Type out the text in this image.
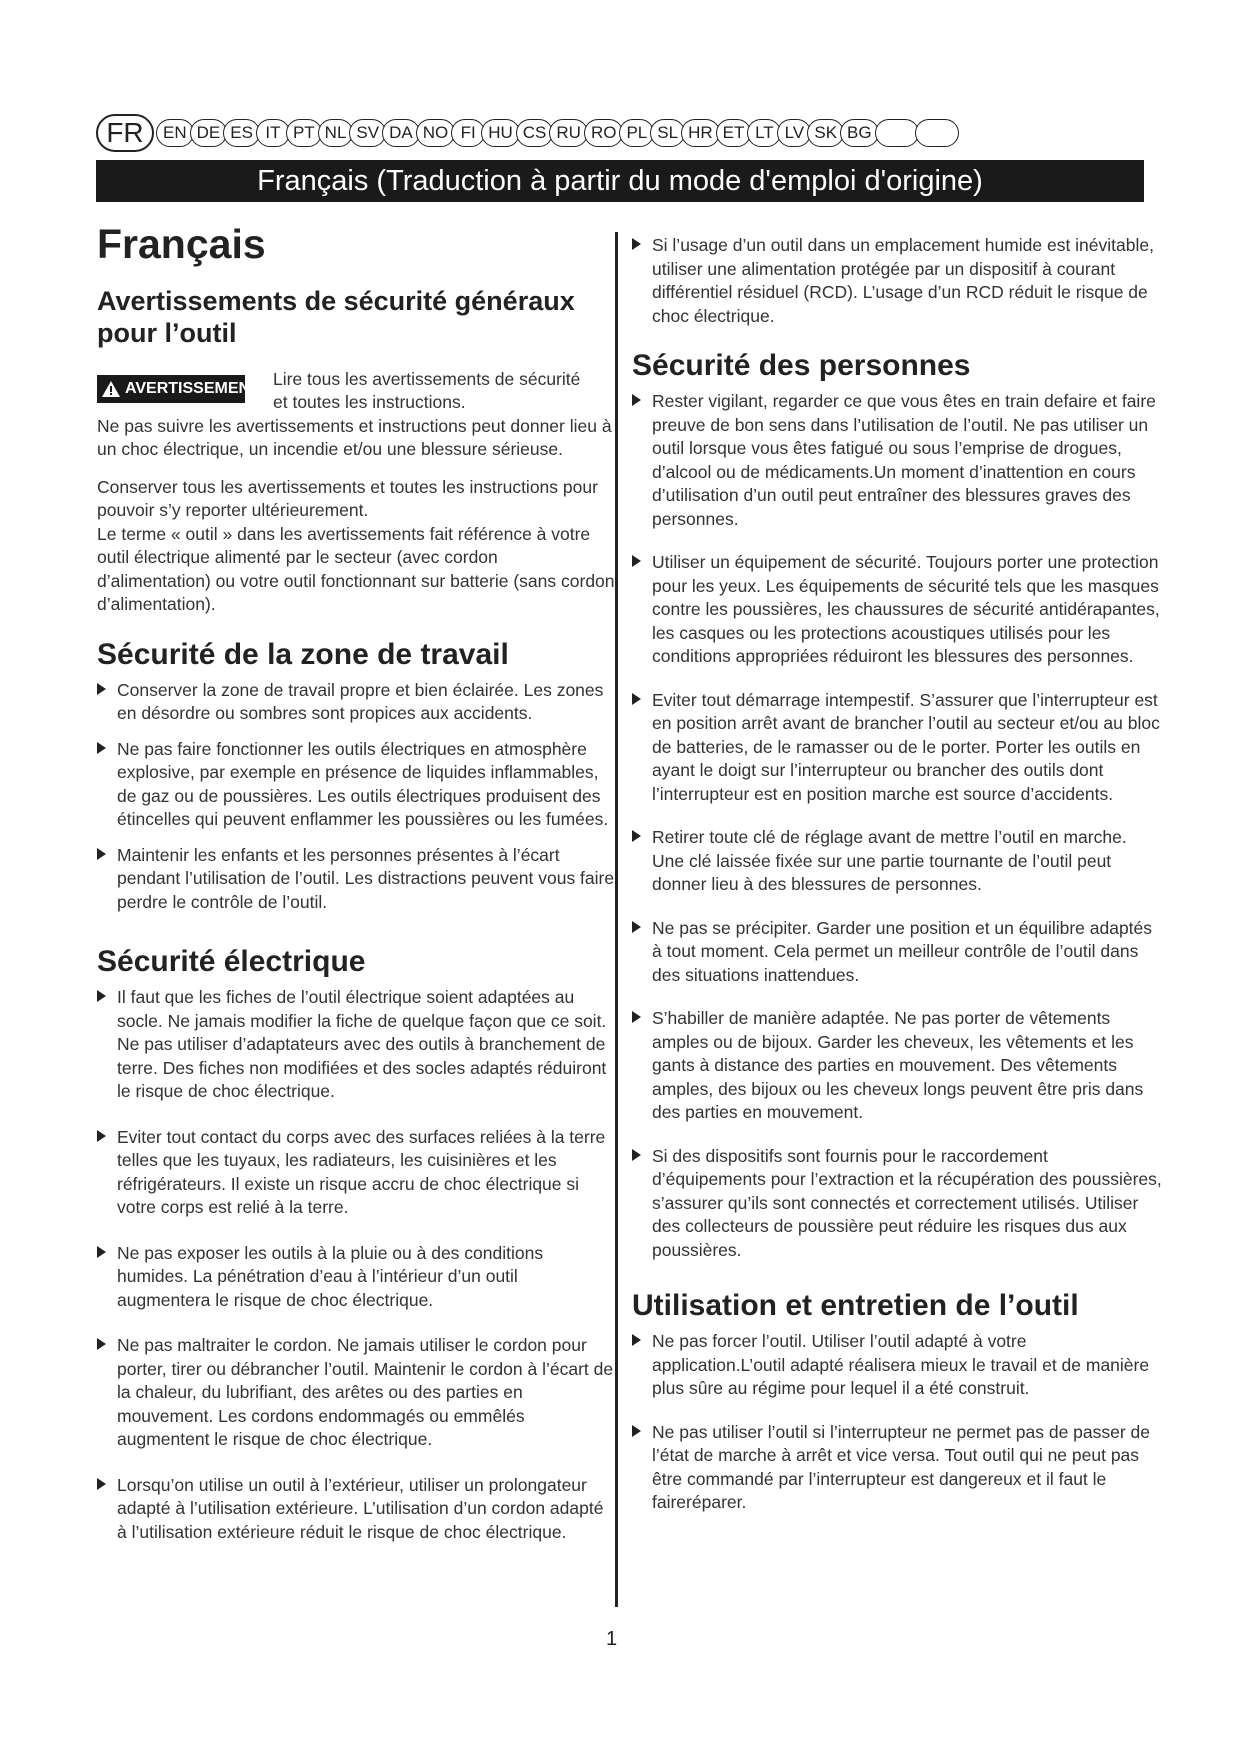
FR	EN DE ES IT PT NL SV DA NO FI HU CS RU RO PL SL HR ET LT LV SK BG
Français (Traduction à partir du mode d'emploi d'origine)
Français
Avertissements de sécurité généraux pour l’outil
AVERTISSEMENT Lire tous les avertissements de sécurité et toutes les instructions.

Ne pas suivre les avertissements et instructions peut donner lieu à un choc électrique, un incendie et/ou une blessure sérieuse.

Conserver tous les avertissements et toutes les instructions pour pouvoir s’y reporter ultérieurement.

Le terme « outil » dans les avertissements fait référence à votre outil électrique alimenté par le secteur (avec cordon d’alimentation) ou votre outil fonctionnant sur batterie (sans cordon d’alimentation).

Sécurité de la zone de travail
Conserver la zone de travail propre et bien éclairée. Les zones en désordre ou sombres sont propices aux accidents.
Ne pas faire fonctionner les outils électriques en atmosphère explosive, par exemple en présence de liquides inflammables, de gaz ou de poussières. Les outils électriques produisent des étincelles qui peuvent enflammer les poussières ou les fumées.
Maintenir les enfants et les personnes présentes à l’écart pendant l’utilisation de l’outil. Les distractions peuvent vous faire perdre le contrôle de l’outil.
Sécurité électrique
Il faut que les fiches de l’outil électrique soient adaptées au socle. Ne jamais modifier la fiche de quelque façon que ce soit. Ne pas utiliser d’adaptateurs avec des outils à branchement de terre. Des fiches non modifiées et des socles adaptés réduiront le risque de choc électrique.
Eviter tout contact du corps avec des surfaces reliées à la terre telles que les tuyaux, les radiateurs, les cuisinières et les réfrigérateurs. Il existe un risque accru de choc électrique si votre corps est relié à la terre.
Ne pas exposer les outils à la pluie ou à des conditions humides. La pénétration d’eau à l’intérieur d’un outil augmentera le risque de choc électrique.
Ne pas maltraiter le cordon. Ne jamais utiliser le cordon pour porter, tirer ou débrancher l’outil. Maintenir le cordon à l’écart de la chaleur, du lubrifiant, des arêtes ou des parties en mouvement. Les cordons endommagés ou emmêlés augmentent le risque de choc électrique.
Lorsqu’on utilise un outil à l’extérieur, utiliser un prolongateur adapté à l’utilisation extérieure. L’utilisation d’un cordon adapté à l’utilisation extérieure réduit le risque de choc électrique.
Si l’usage d’un outil dans un emplacement humide est inévitable, utiliser une alimentation protégée par un dispositif à courant différentiel résiduel (RCD). L’usage d’un RCD réduit le risque de choc électrique.
Sécurité des personnes
Rester vigilant, regarder ce que vous êtes en train defaire et faire preuve de bon sens dans l’utilisation de l’outil. Ne pas utiliser un outil lorsque vous êtes fatigué ou sous l’emprise de drogues, d’alcool ou de médicaments.Un moment d’inattention en cours d’utilisation d’un outil peut entraîner des blessures graves des personnes.
Utiliser un équipement de sécurité. Toujours porter une protection pour les yeux. Les équipements de sécurité tels que les masques contre les poussières, les chaussures de sécurité antidérapantes, les casques ou les protections acoustiques utilisés pour les conditions appropriées réduiront les blessures des personnes.
Eviter tout démarrage intempestif. S’assurer que l’interrupteur est en position arrêt avant de brancher l’outil au secteur et/ou au bloc de batteries, de le ramasser ou de le porter. Porter les outils en ayant le doigt sur l’interrupteur ou brancher des outils dont l’interrupteur est en position marche est source d’accidents.
Retirer toute clé de réglage avant de mettre l’outil en marche. Une clé laissée fixée sur une partie tournante de l’outil peut donner lieu à des blessures de personnes.
Ne pas se précipiter. Garder une position et un équilibre adaptés à tout moment. Cela permet un meilleur contrôle de l’outil dans des situations inattendues.
S’habiller de manière adaptée. Ne pas porter de vêtements amples ou de bijoux. Garder les cheveux, les vêtements et les gants à distance des parties en mouvement. Des vêtements amples, des bijoux ou les cheveux longs peuvent être pris dans des parties en mouvement.
Si des dispositifs sont fournis pour le raccordement d’équipements pour l’extraction et la récupération des poussières, s’assurer qu’ils sont connectés et correctement utilisés. Utiliser des collecteurs de poussière peut réduire les risques dus aux poussières.
Utilisation et entretien de l’outil
Ne pas forcer l’outil. Utiliser l’outil adapté à votre application.L’outil adapté réalisera mieux le travail et de manière plus sûre au régime pour lequel il a été construit.
Ne pas utiliser l’outil si l’interrupteur ne permet pas de passer de l’état de marche à arrêt et vice versa. Tout outil qui ne peut pas être commandé par l’interrupteur est dangereux et il faut le faireréparer.
1
